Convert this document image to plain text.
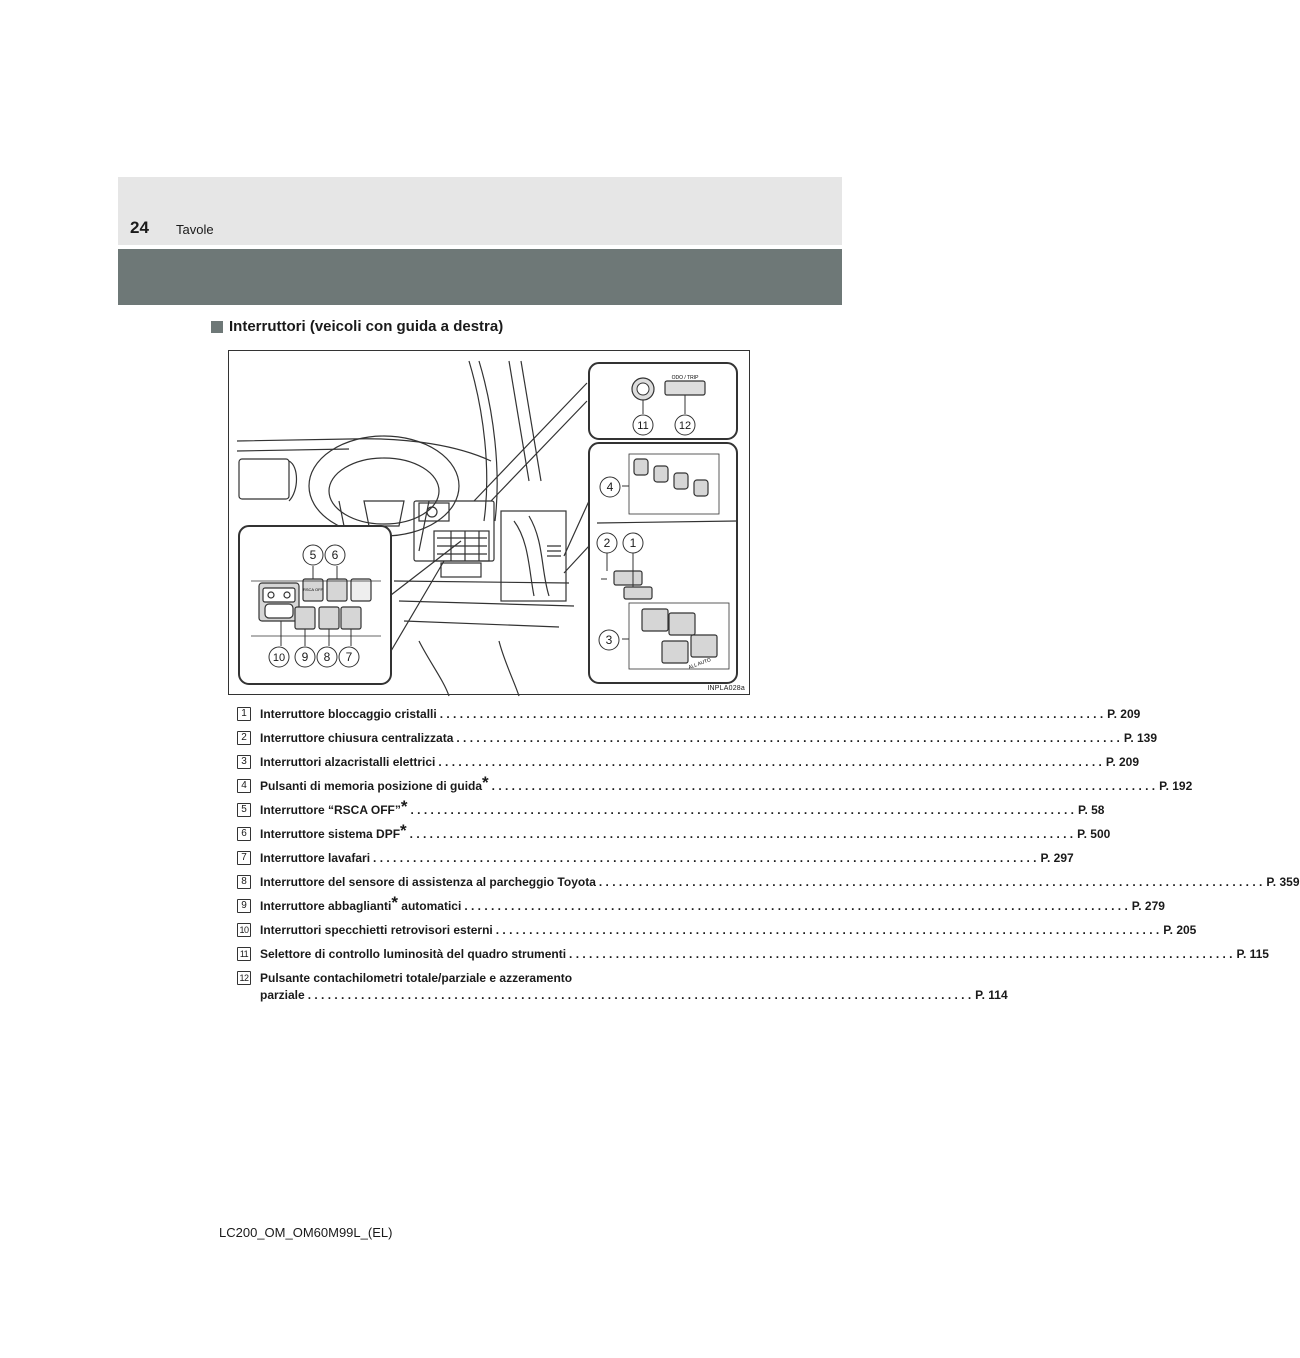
24 Tavole
Interruttori (veicoli con guida a destra)
ODO / TRIP
ALL AUTO
RSCA OFF
11	12
4
2 1
3
5 6
10 9 8 7
INPLA028a
1	Interruttore bloccaggio cristalli . . .	P. 209
2	Interruttore chiusura centralizzata . . .	P. 139
3	Interruttori alzacristalli elettrici . . .	P. 209
4	Pulsanti di memoria posizione di guida* . . .	P. 192
5	Interruttore “RSCA OFF”* . . .	P. 58
6	Interruttore sistema DPF* . . .	P. 500
7	Interruttore lavafari . . .	P. 297
8	Interruttore del sensore di assistenza al parcheggio Toyota . . .	P. 359
9	Interruttore abbaglianti* automatici . . .	P. 279
10 Interruttori specchietti retrovisori esterni . . .	P. 205
11 Selettore di controllo luminosità del quadro strumenti . . .	P. 115
12 Pulsante contachilometri totale/parziale e azzeramento
parziale . . .	P. 114
LC200_OM_OM60M99L_(EL)
